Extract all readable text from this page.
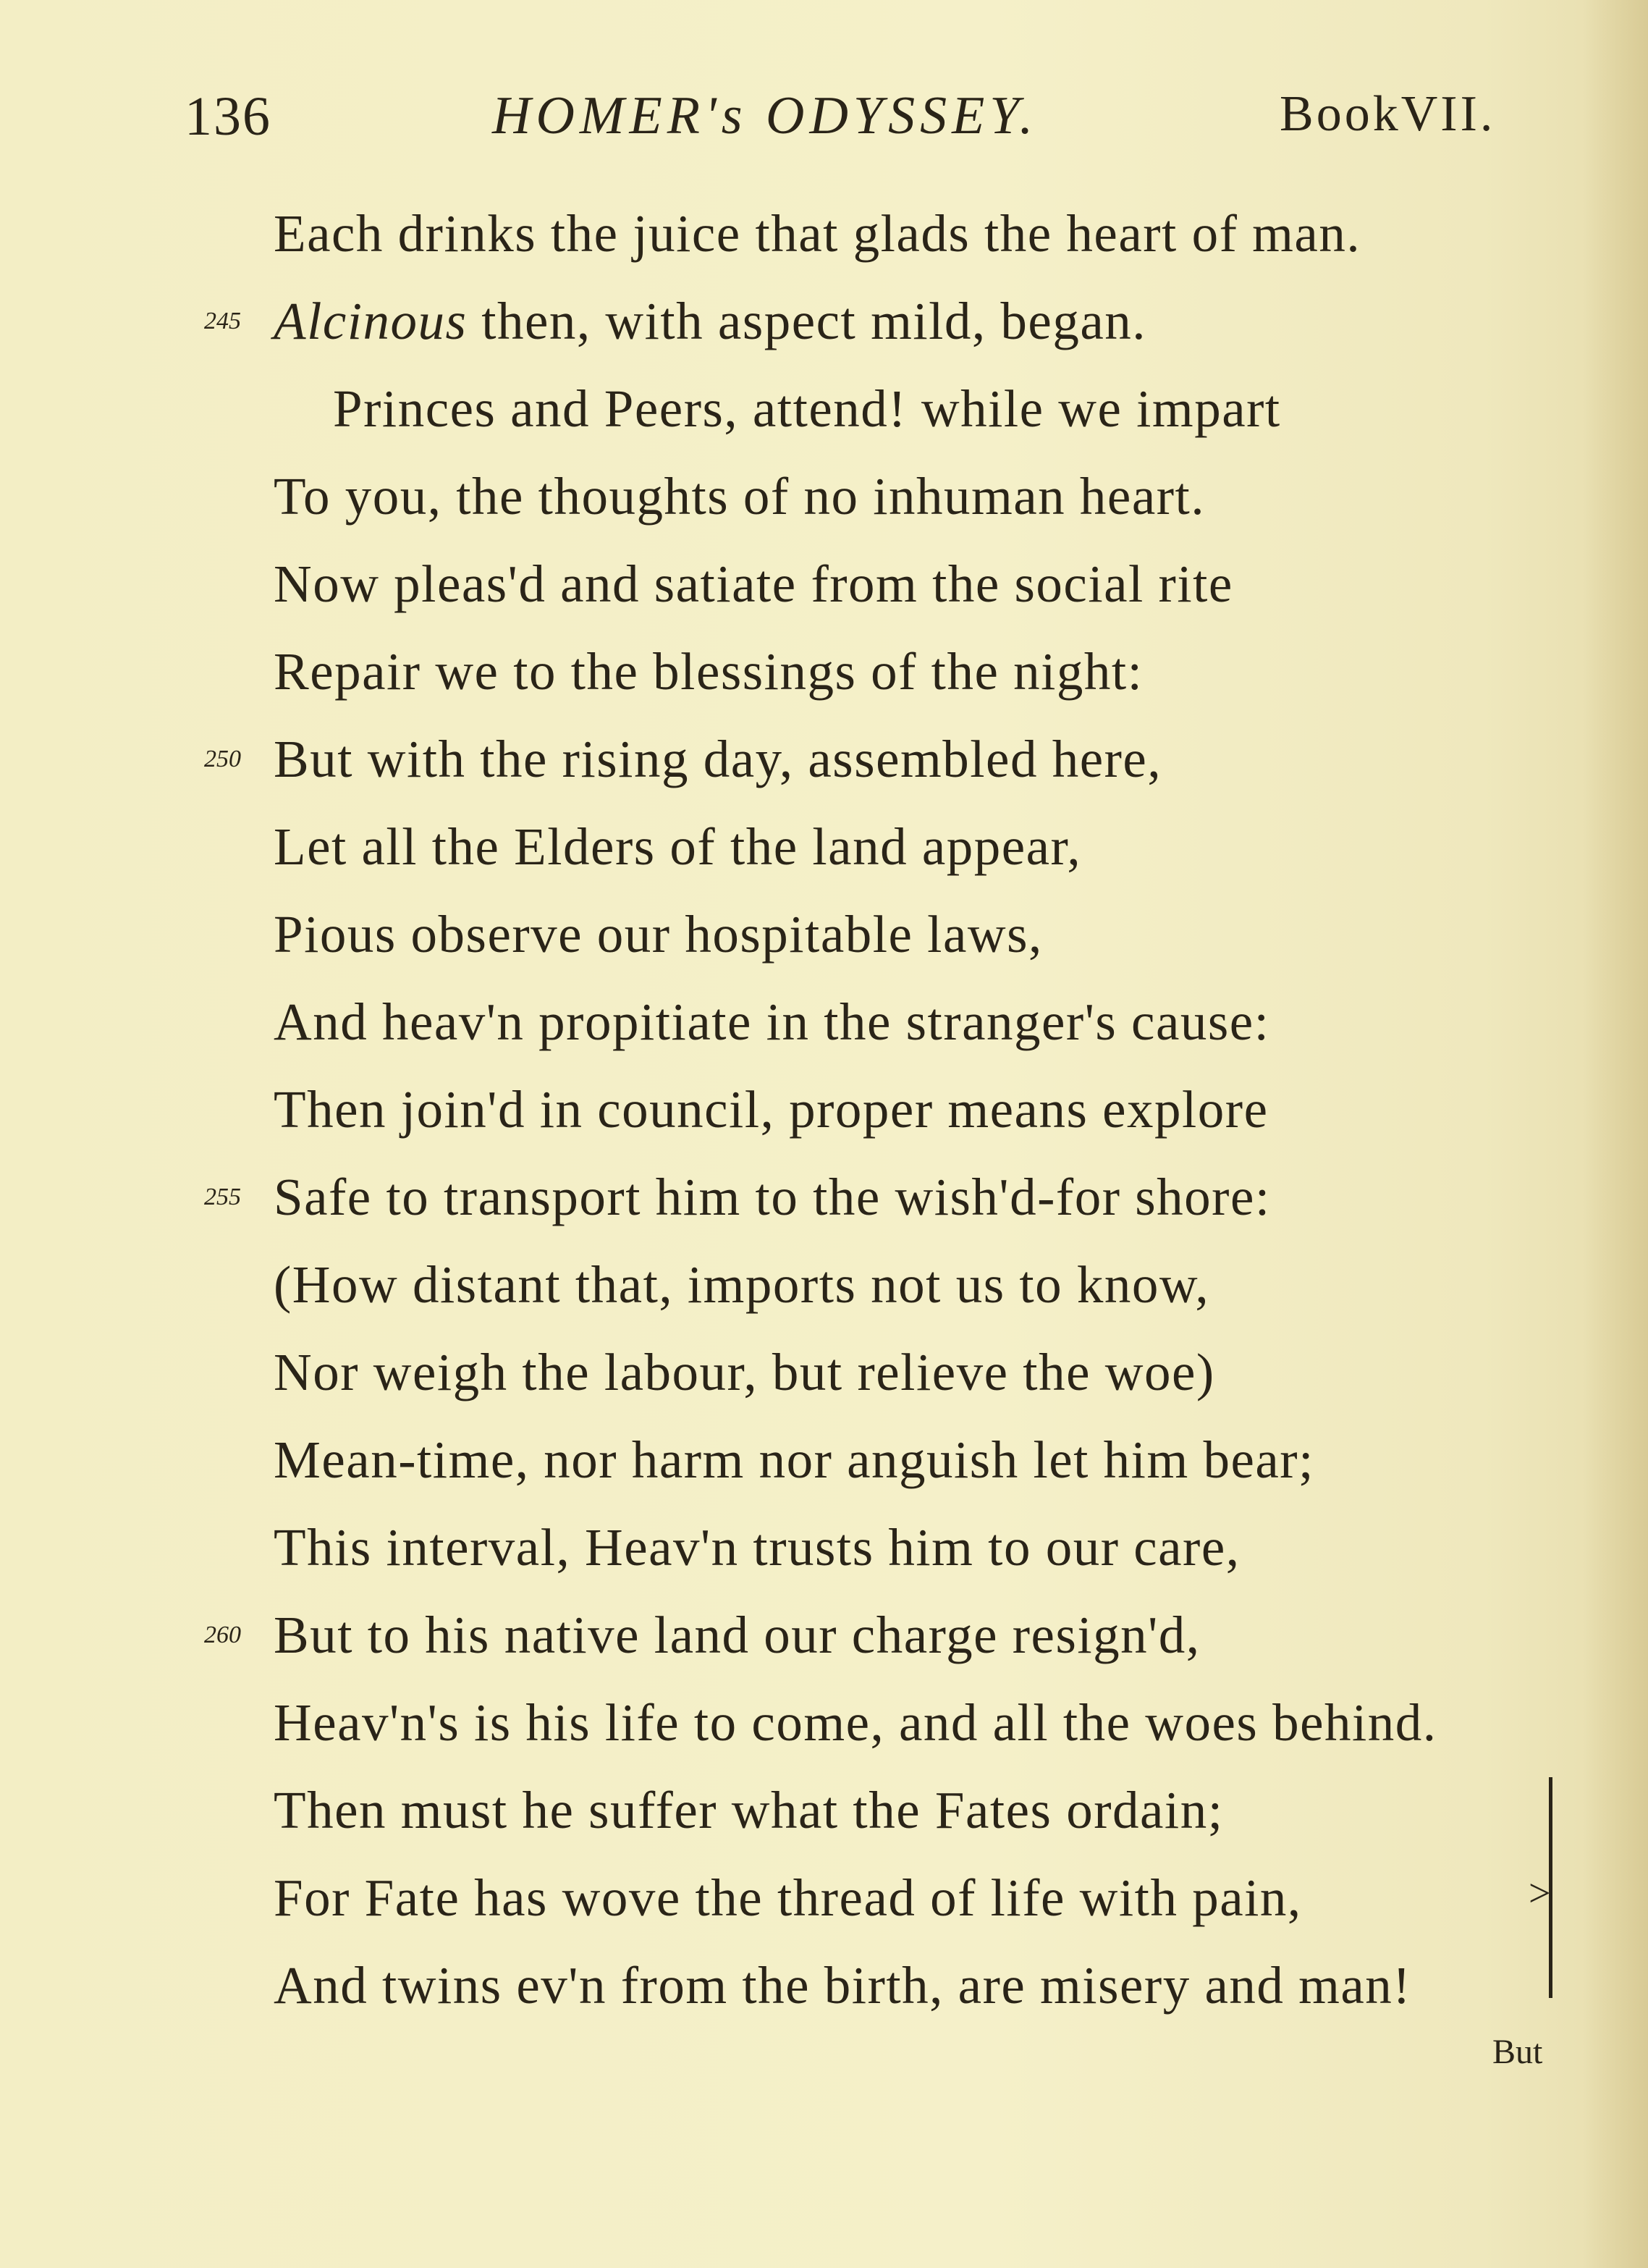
136	HOMER's ODYSSEY.	BookVII.
Each drinks the juice that glads the heart of man.
245 Alcinous then, with aspect mild, began.
Princes and Peers, attend! while we impart
To you, the thoughts of no inhuman heart.
Now pleas'd and satiate from the social rite
Repair we to the blessings of the night:
250 But with the rising day, assembled here,
Let all the Elders of the land appear,
Pious observe our hospitable laws,
And heav'n propitiate in the stranger's cause:
Then join'd in council, proper means explore
255 Safe to transport him to the wish'd-for shore:
(How distant that, imports not us to know,
Nor weigh the labour, but relieve the woe)
Mean-time, nor harm nor anguish let him bear;
This interval, Heav'n trusts him to our care,
260 But to his native land our charge resign'd,
Heav'n's is his life to come, and all the woes behind.
Then must he suffer what the Fates ordain;
For Fate has wove the thread of life with pain,
And twins ev'n from the birth, are misery and man!
>
But
